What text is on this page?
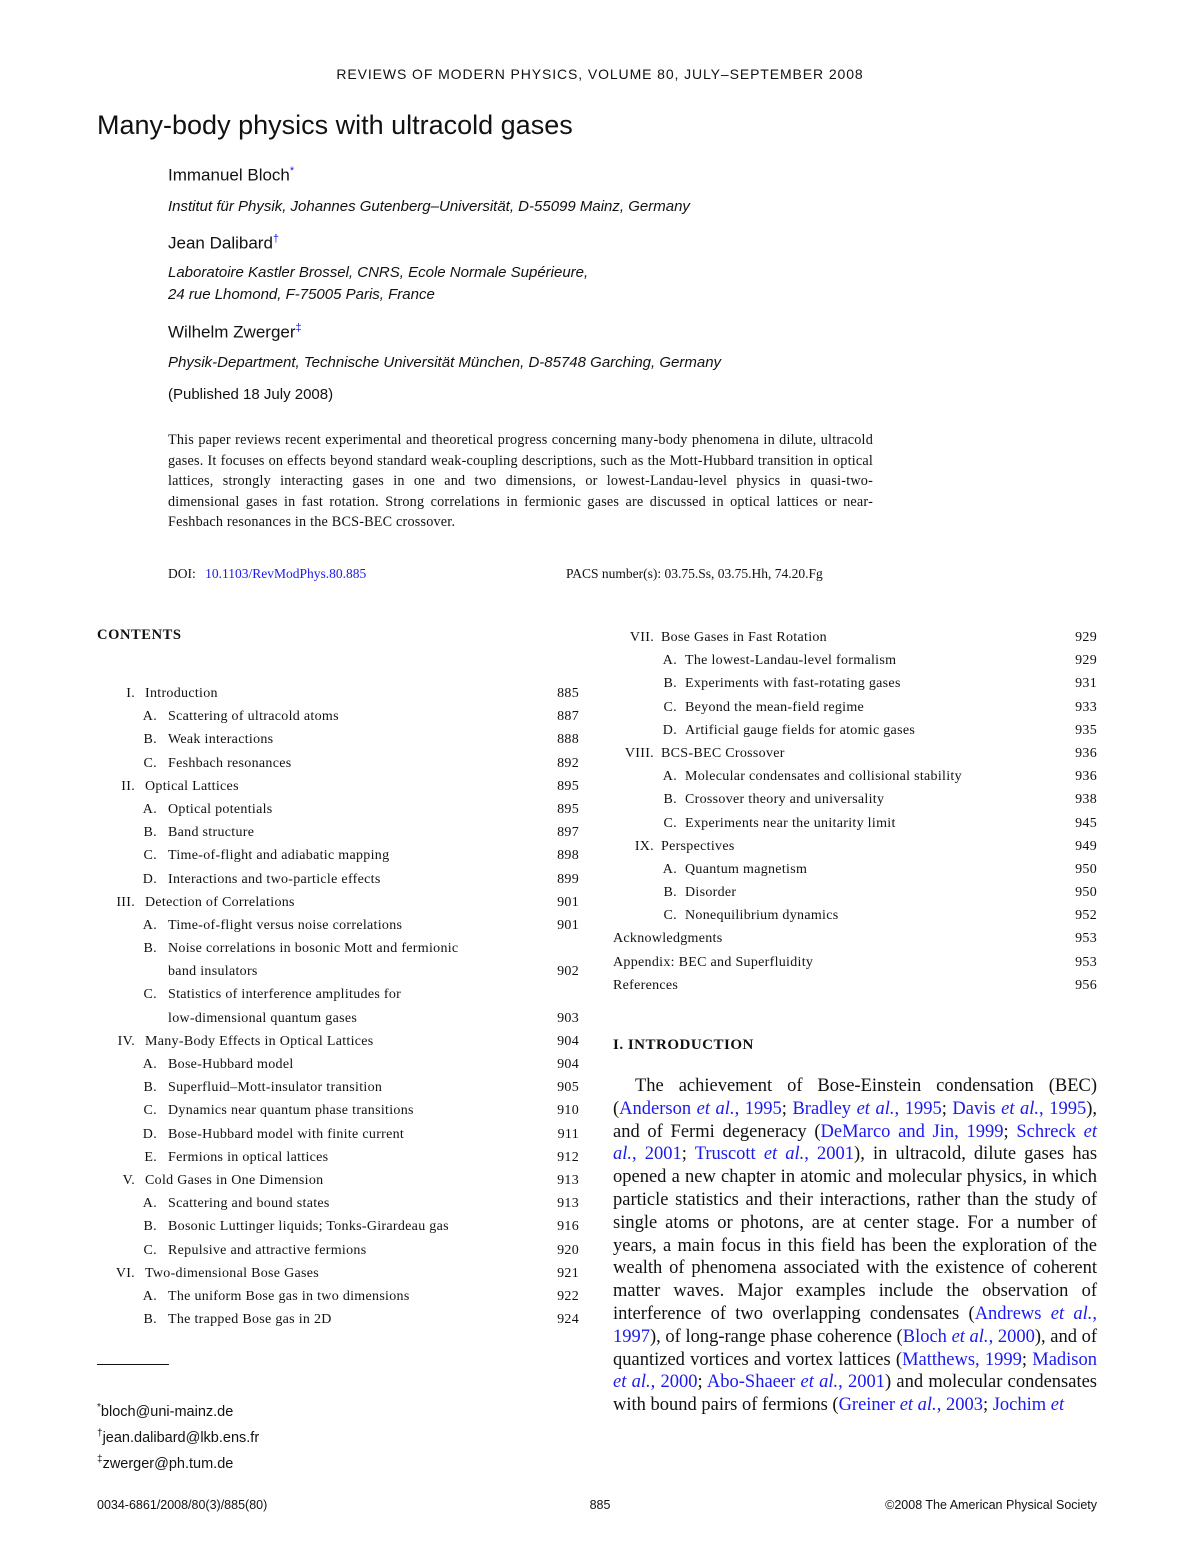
REVIEWS OF MODERN PHYSICS, VOLUME 80, JULY–SEPTEMBER 2008
Many-body physics with ultracold gases
Immanuel Bloch*
Institut für Physik, Johannes Gutenberg–Universität, D-55099 Mainz, Germany
Jean Dalibard†
Laboratoire Kastler Brossel, CNRS, Ecole Normale Supérieure,
24 rue Lhomond, F-75005 Paris, France
Wilhelm Zwerger‡
Physik-Department, Technische Universität München, D-85748 Garching, Germany
(Published 18 July 2008)
This paper reviews recent experimental and theoretical progress concerning many-body phenomena in dilute, ultracold gases. It focuses on effects beyond standard weak-coupling descriptions, such as the Mott-Hubbard transition in optical lattices, strongly interacting gases in one and two dimensions, or lowest-Landau-level physics in quasi-two-dimensional gases in fast rotation. Strong correlations in fermionic gases are discussed in optical lattices or near-Feshbach resonances in the BCS-BEC crossover.
DOI: 10.1103/RevModPhys.80.885	PACS number(s): 03.75.Ss, 03.75.Hh, 74.20.Fg
CONTENTS
I. Introduction	885
A. Scattering of ultracold atoms	887
B. Weak interactions	888
C. Feshbach resonances	892
II. Optical Lattices	895
A. Optical potentials	895
B. Band structure	897
C. Time-of-flight and adiabatic mapping	898
D. Interactions and two-particle effects	899
III. Detection of Correlations	901
A. Time-of-flight versus noise correlations	901
B. Noise correlations in bosonic Mott and fermionic
band insulators	902
C. Statistics of interference amplitudes for
low-dimensional quantum gases	903
IV. Many-Body Effects in Optical Lattices	904
A. Bose-Hubbard model	904
B. Superfluid–Mott-insulator transition	905
C. Dynamics near quantum phase transitions	910
D. Bose-Hubbard model with finite current	911
E. Fermions in optical lattices	912
V. Cold Gases in One Dimension	913
A. Scattering and bound states	913
B. Bosonic Luttinger liquids; Tonks-Girardeau gas	916
C. Repulsive and attractive fermions	920
VI. Two-dimensional Bose Gases	921
A. The uniform Bose gas in two dimensions	922
B. The trapped Bose gas in 2D	924
VII. Bose Gases in Fast Rotation	929
A. The lowest-Landau-level formalism	929
B. Experiments with fast-rotating gases	931
C. Beyond the mean-field regime	933
D. Artificial gauge fields for atomic gases	935
VIII. BCS-BEC Crossover	936
A. Molecular condensates and collisional stability	936
B. Crossover theory and universality	938
C. Experiments near the unitarity limit	945
IX. Perspectives	949
A. Quantum magnetism	950
B. Disorder	950
C. Nonequilibrium dynamics	952
Acknowledgments	953
Appendix: BEC and Superfluidity	953
References	956
*bloch@uni-mainz.de
†jean.dalibard@lkb.ens.fr
‡zwerger@ph.tum.de
I. INTRODUCTION

The achievement of Bose-Einstein condensation (BEC) (Anderson et al., 1995; Bradley et al., 1995; Davis et al., 1995), and of Fermi degeneracy (DeMarco and Jin, 1999; Schreck et al., 2001; Truscott et al., 2001), in ultracold, dilute gases has opened a new chapter in atomic and molecular physics, in which particle statistics and their interactions, rather than the study of single atoms or photons, are at center stage. For a number of years, a main focus in this field has been the exploration of the wealth of phenomena associated with the existence of coherent matter waves. Major examples include the observation of interference of two overlapping condensates (Andrews et al., 1997), of long-range phase coherence (Bloch et al., 2000), and of quantized vortices and vortex lattices (Matthews, 1999; Madison et al., 2000; Abo-Shaeer et al., 2001) and molecular condensates with bound pairs of fermions (Greiner et al., 2003; Jochim et

0034-6861/2008/80(3)/885(80)	885	©2008 The American Physical Society
